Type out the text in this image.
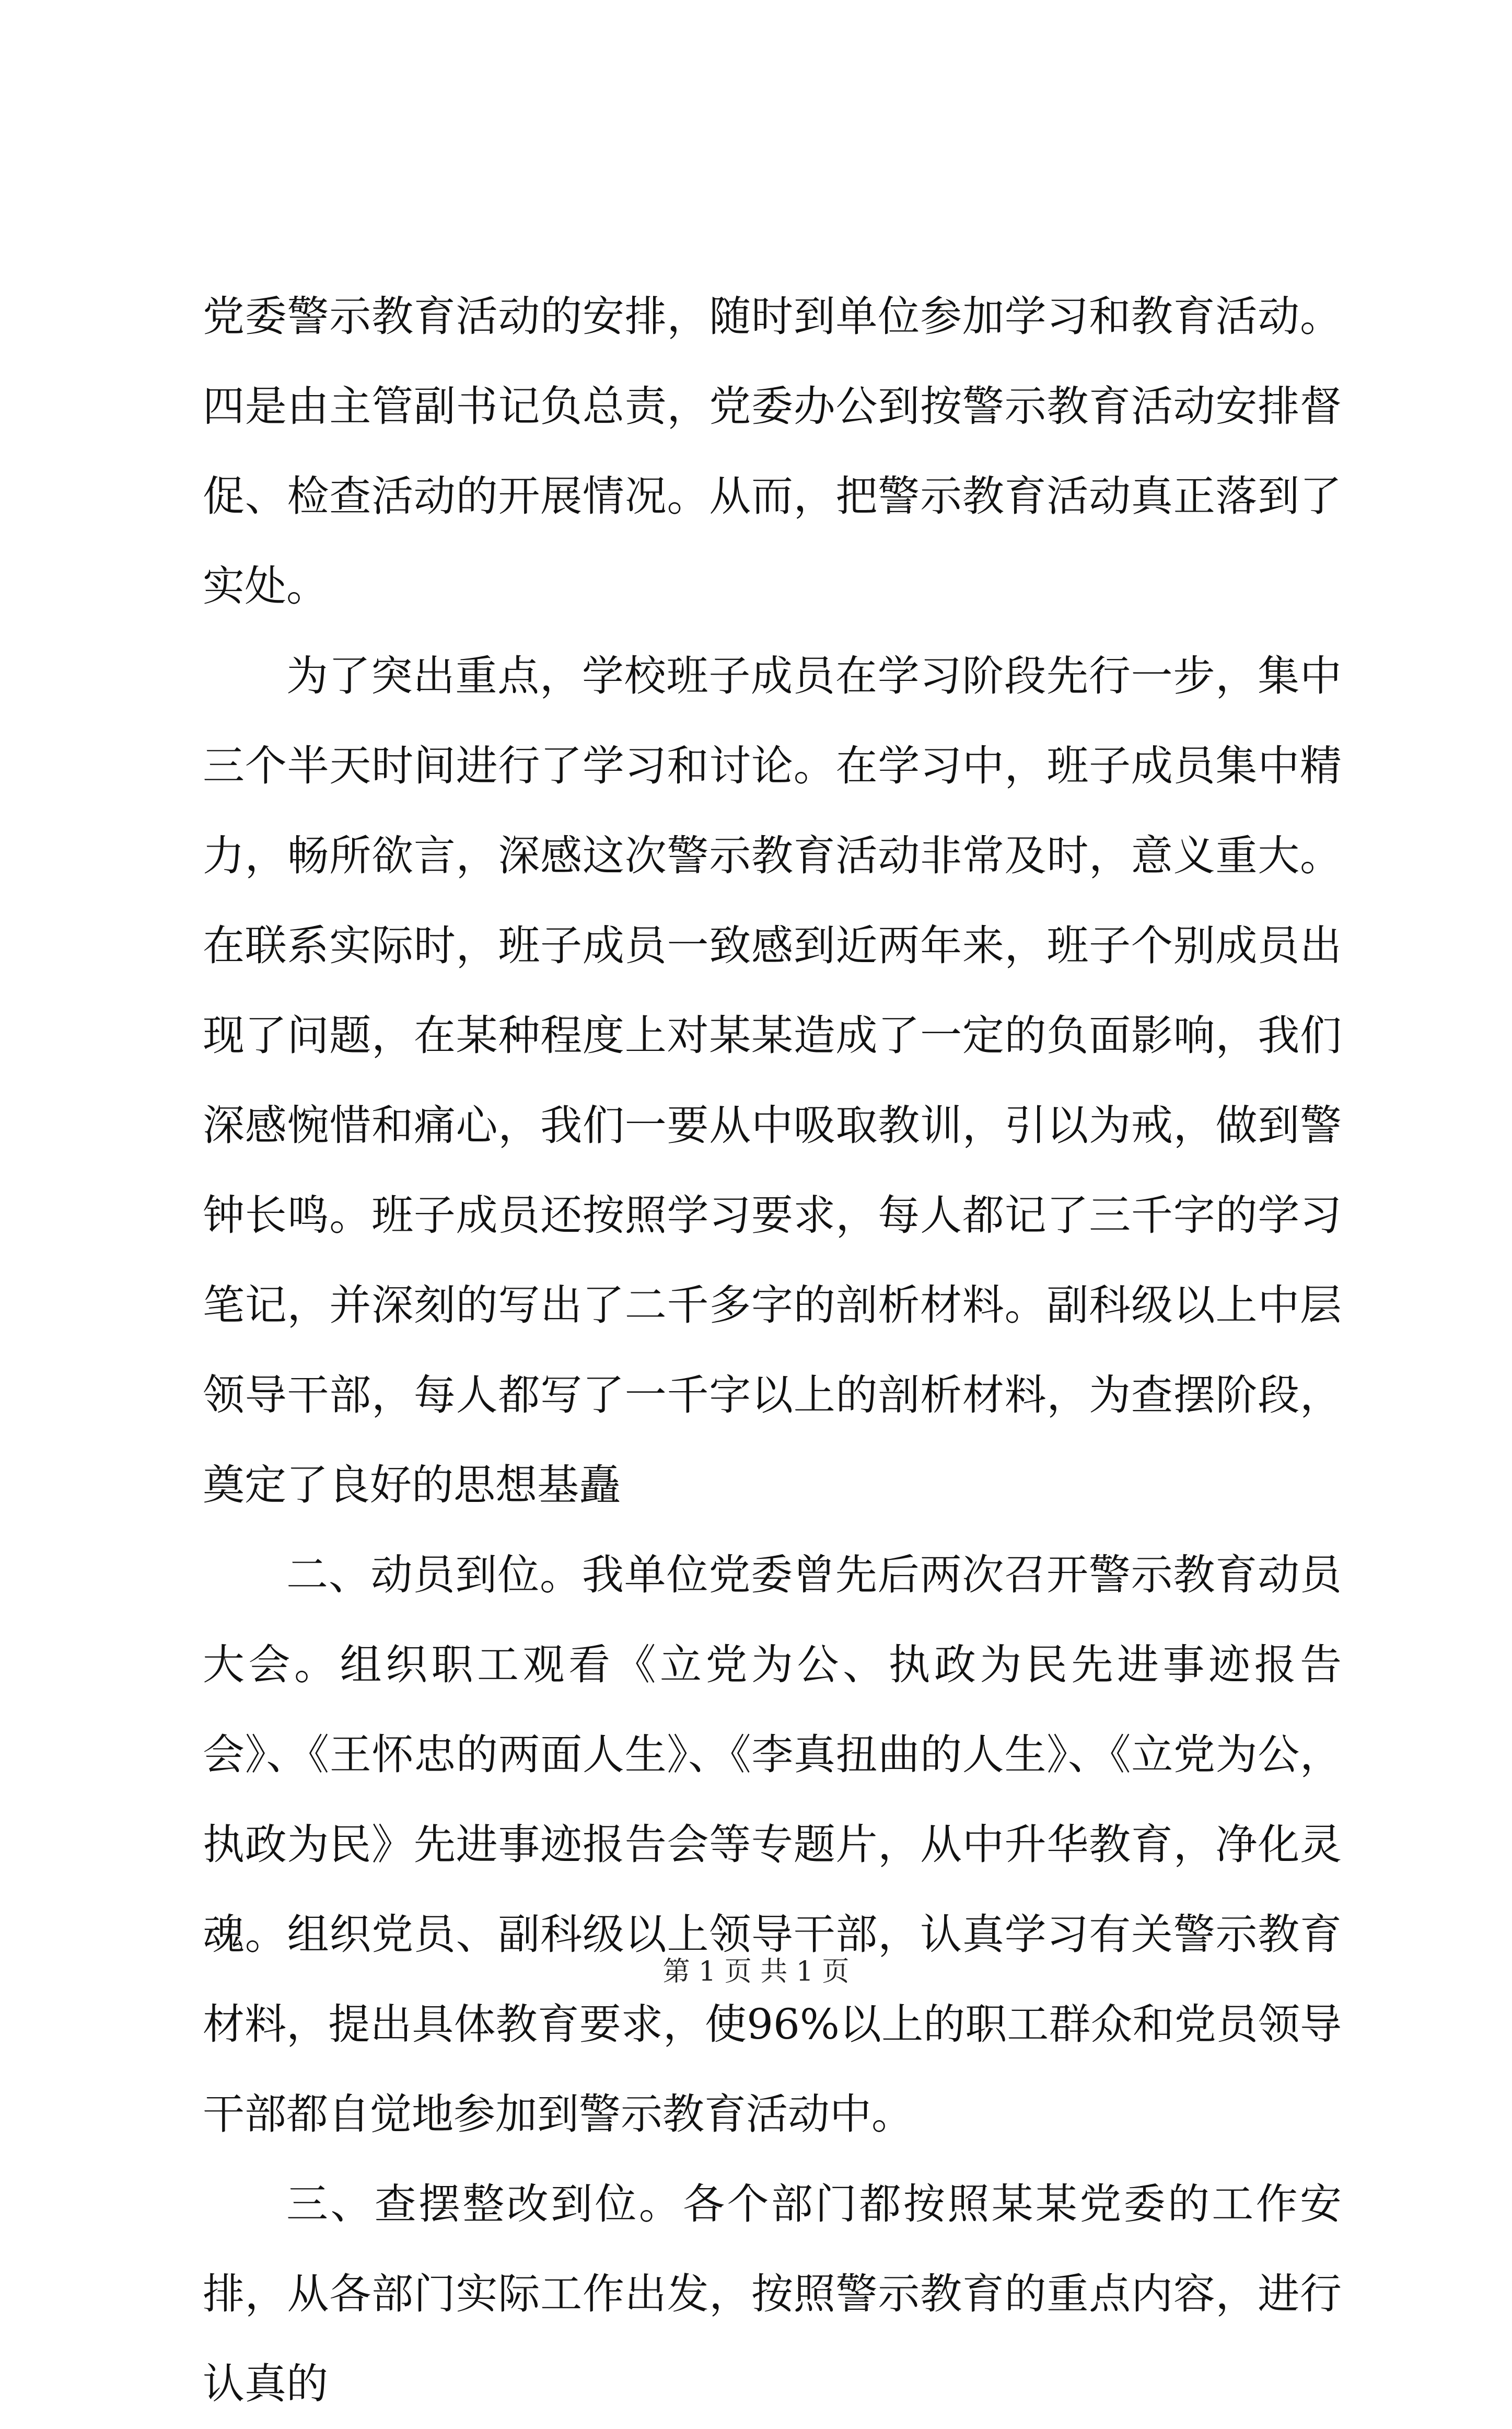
党委警示教育活动的安排，随时到单位参加学习和教育活动。四是由主管副书记负总责，党委办公到按警示教育活动安排督促、检查活动的开展情况。从而，把警示教育活动真正落到了实处。

为了突出重点，学校班子成员在学习阶段先行一步，集中三个半天时间进行了学习和讨论。在学习中，班子成员集中精力，畅所欲言，深感这次警示教育活动非常及时，意义重大。在联系实际时，班子成员一致感到近两年来，班子个别成员出现了问题，在某种程度上对某某造成了一定的负面影响，我们深感惋惜和痛心，我们一要从中吸取教训，引以为戒，做到警钟长鸣。班子成员还按照学习要求，每人都记了三千字的学习笔记，并深刻的写出了二千多字的剖析材料。副科级以上中层领导干部，每人都写了一千字以上的剖析材料，为查摆阶段，奠定了良好的思想基矗

二、动员到位。我单位党委曾先后两次召开警示教育动员大会。组织职工观看《立党为公、执政为民先进事迹报告会》、《王怀忠的两面人生》、《李真扭曲的人生》、《立党为公，执政为民》先进事迹报告会等专题片，从中升华教育，净化灵魂。组织党员、副科级以上领导干部，认真学习有关警示教育材料，提出具体教育要求，使96%以上的职工群众和党员领导干部都自觉地参加到警示教育活动中。

三、查摆整改到位。各个部门都按照某某党委的工作安排，从各部门实际工作出发，按照警示教育的重点内容，进行认真的

第 1 页 共 1 页
